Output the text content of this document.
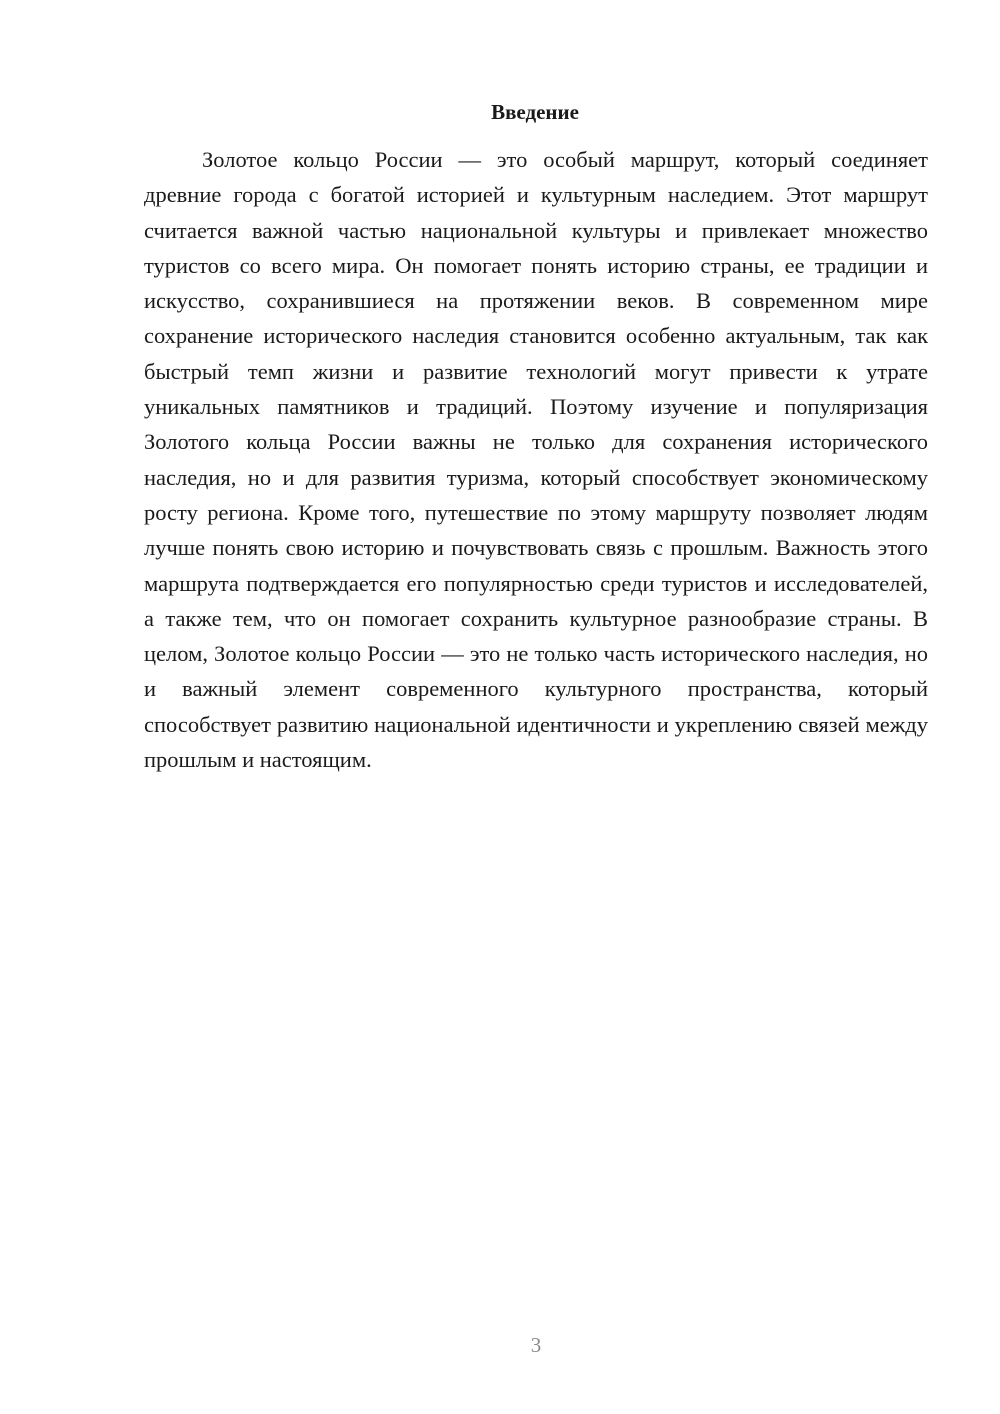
Введение

Золотое кольцо России — это особый маршрут, который соединяет древние города с богатой историей и культурным наследием. Этот маршрут считается важной частью национальной культуры и привлекает множество туристов со всего мира. Он помогает понять историю страны, ее традиции и искусство, сохранившиеся на протяжении веков. В современном мире сохранение исторического наследия становится особенно актуальным, так как быстрый темп жизни и развитие технологий могут привести к утрате уникальных памятников и традиций. Поэтому изучение и популяризация Золотого кольца России важны не только для сохранения исторического наследия, но и для развития туризма, который способствует экономическому росту региона. Кроме того, путешествие по этому маршруту позволяет людям лучше понять свою историю и почувствовать связь с прошлым. Важность этого маршрута подтверждается его популярностью среди туристов и исследователей, а также тем, что он помогает сохранить культурное разнообразие страны. В целом, Золотое кольцо России — это не только часть исторического наследия, но и важный элемент современного культурного пространства, который способствует развитию национальной идентичности и укреплению связей между прошлым и настоящим.

3
